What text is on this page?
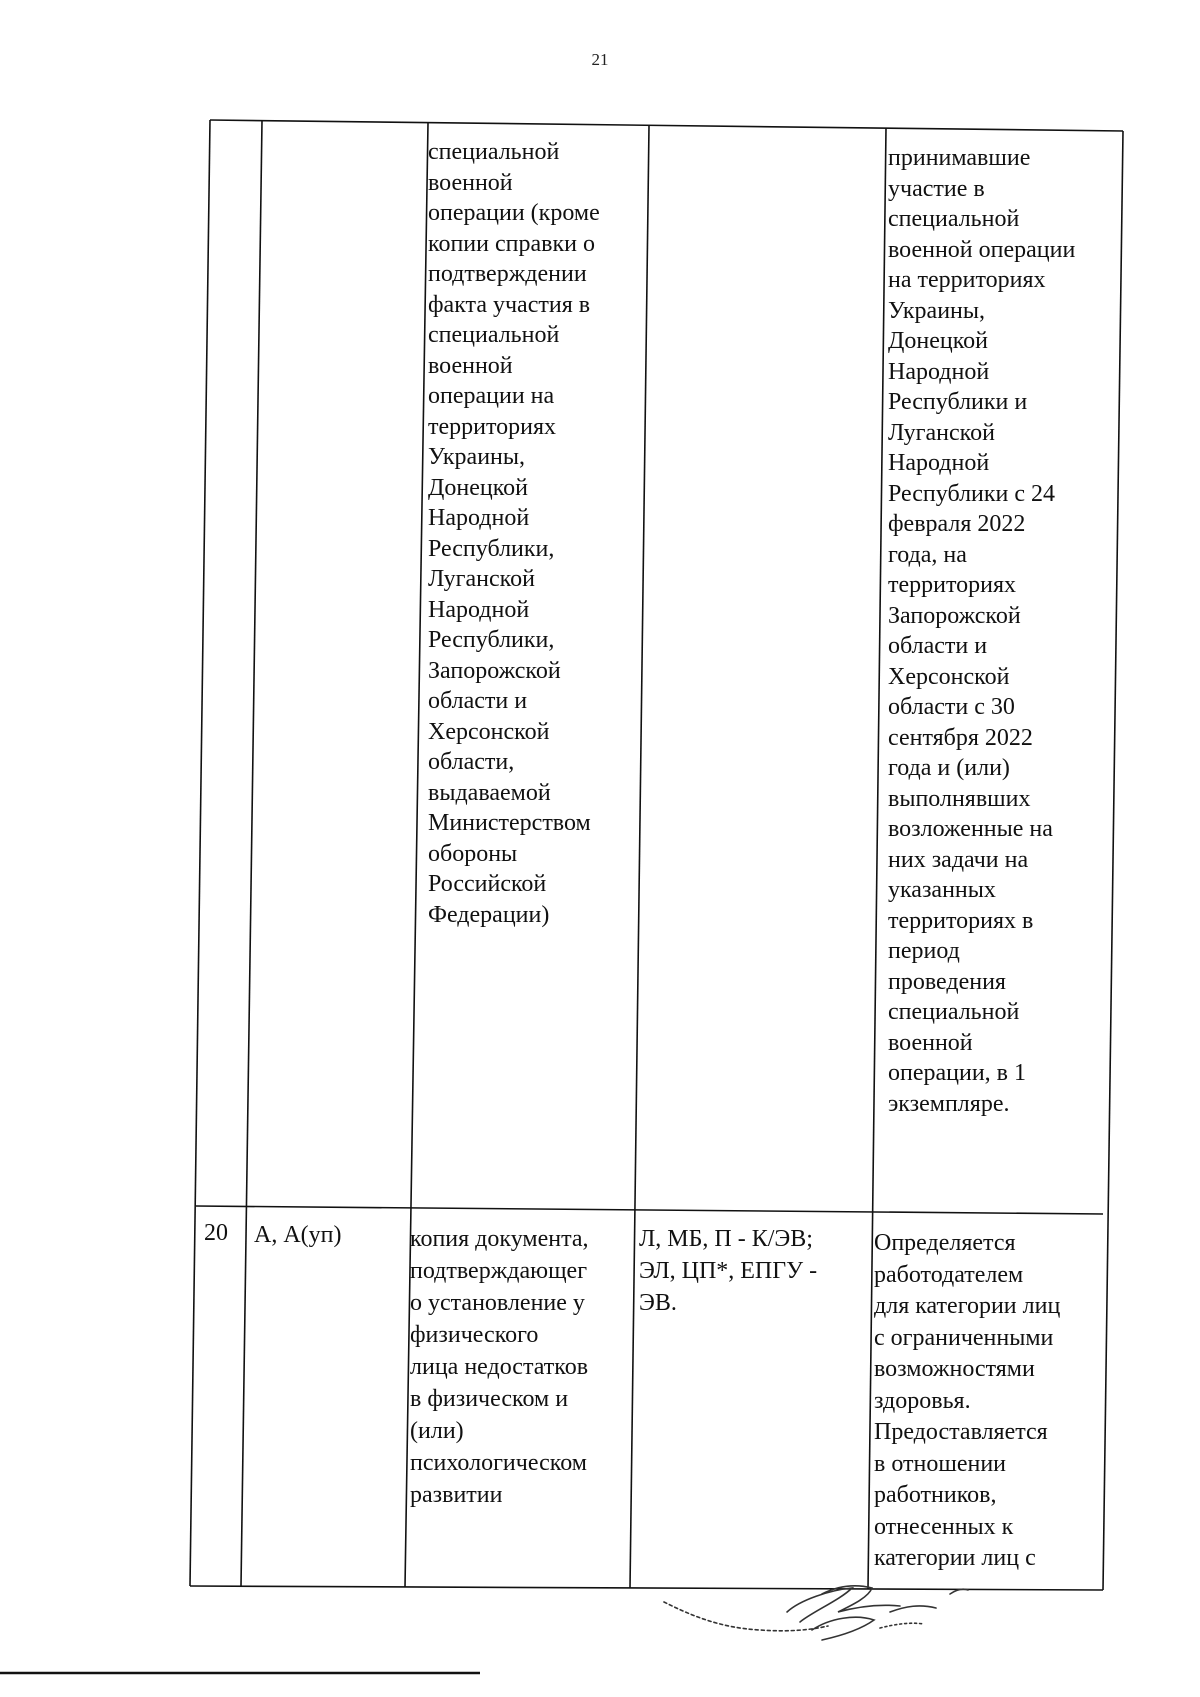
21
специальной
военной
операции (кроме
копии справки о
подтверждении
факта участия в
специальной
военной
операции на
территориях
Украины,
Донецкой
Народной
Республики,
Луганской
Народной
Республики,
Запорожской
области и
Херсонской
области,
выдаваемой
Министерством
обороны
Российской
Федерации)
принимавшие
участие в
специальной
военной операции
на территориях
Украины,
Донецкой
Народной
Республики и
Луганской
Народной
Республики с 24
февраля 2022
года, на
территориях
Запорожской
области и
Херсонской
области с 30
сентября 2022
года и (или)
выполнявших
возложенные на
них задачи на
указанных
территориях в
период
проведения
специальной
военной
операции, в 1
экземпляре.
20 А, А(уп)	копия документа,
подтверждающег
о установление у
физического
лица недостатков
в физическом и
(или)
психологическом
развитии
Л, МБ, П - К/ЭВ;
ЭЛ, ЦП*, ЕПГУ -
ЭВ.
Определяется
работодателем
для категории лиц
с ограниченными
возможностями
здоровья.
Предоставляется
в отношении
работников,
отнесенных к
категории лиц с
